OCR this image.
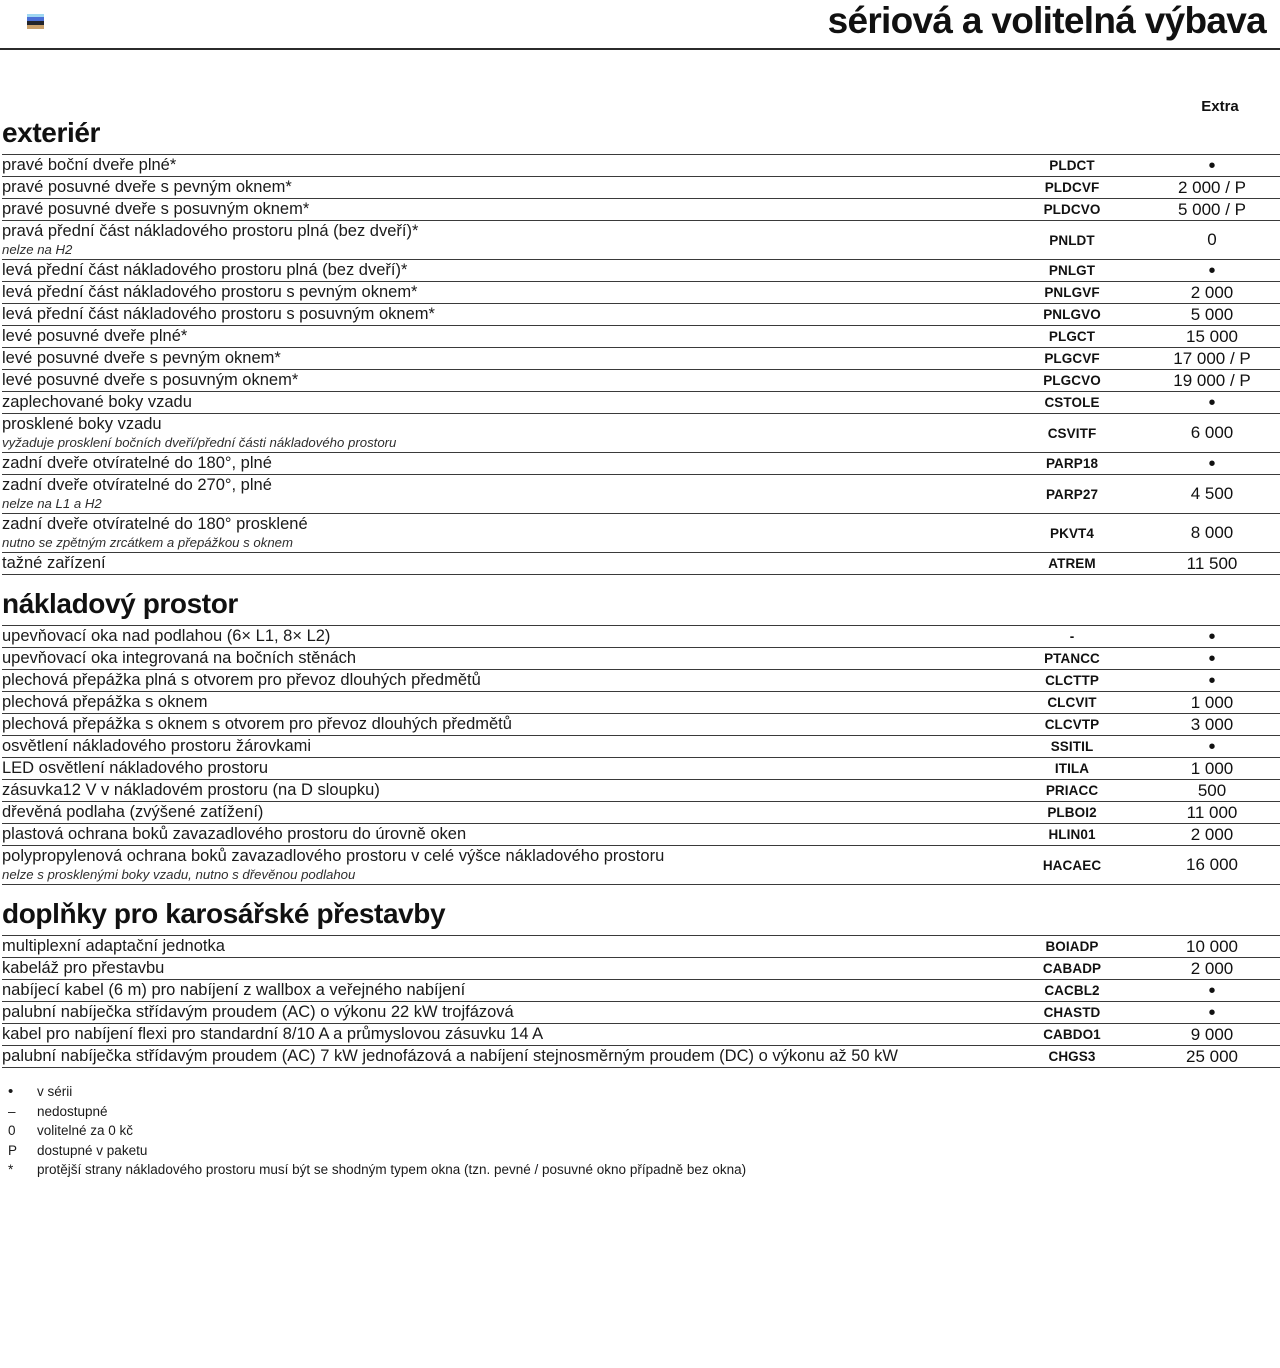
sériová a volitelná výbava
Extra
exteriér
pravé boční dveře plné*	PLDCT	•
pravé posuvné dveře s pevným oknem*	PLDCVF	2 000 / P
pravé posuvné dveře s posuvným oknem*	PLDCVO	5 000 / P
pravá přední část nákladového prostoru plná (bez dveří)*
nelze na H2	PNLDT	0
levá přední část nákladového prostoru plná (bez dveří)*	PNLGT	•
levá přední část nákladového prostoru s pevným oknem*	PNLGVF	2 000
levá přední část nákladového prostoru s posuvným oknem*	PNLGVO	5 000
levé posuvné dveře plné*	PLGCT	15 000
levé posuvné dveře s pevným oknem*	PLGCVF	17 000 / P
levé posuvné dveře s posuvným oknem*	PLGCVO	19 000 / P
zaplechované boky vzadu	CSTOLE	•
prosklené boky vzadu
vyžaduje prosklení bočních dveří/přední části nákladového prostoru	CSVITF	6 000
zadní dveře otvíratelné do 180°, plné	PARP18	•
zadní dveře otvíratelné do 270°, plné
nelze na L1 a H2	PARP27	4 500
zadní dveře otvíratelné do 180° prosklené
nutno se zpětným zrcátkem a přepážkou s oknem	PKVT4	8 000
tažné zařízení	ATREM	11 500
nákladový prostor
upevňovací oka nad podlahou (6× L1, 8× L2)	-	•
upevňovací oka integrovaná na bočních stěnách	PTANCC	•
plechová přepážka plná s otvorem pro převoz dlouhých předmětů	CLCTTP	•
plechová přepážka s oknem	CLCVIT	1 000
plechová přepážka s oknem s otvorem pro převoz dlouhých předmětů	CLCVTP	3 000
osvětlení nákladového prostoru žárovkami	SSITIL	•
LED osvětlení nákladového prostoru	ITILA	1 000
zásuvka12 V v nákladovém prostoru (na D sloupku)	PRIACC	500
dřevěná podlaha (zvýšené zatížení)	PLBOI2	11 000
plastová ochrana boků zavazadlového prostoru do úrovně oken	HLIN01	2 000
polypropylenová ochrana boků zavazadlového prostoru v celé výšce nákladového prostoru
nelze s prosklenými boky vzadu, nutno s dřevěnou podlahou	HACAEC	16 000
doplňky pro karosářské přestavby
multiplexní adaptační jednotka	BOIADP	10 000
kabeláž pro přestavbu	CABADP	2 000
nabíjecí kabel (6 m) pro nabíjení z wallbox a veřejného nabíjení	CACBL2	•
palubní nabíječka střídavým proudem (AC) o výkonu 22 kW trojfázová	CHASTD	•
kabel pro nabíjení flexi pro standardní 8/10 A a průmyslovou zásuvku 14 A	CABDO1	9 000
palubní nabíječka střídavým proudem (AC) 7 kW jednofázová a nabíjení stejnosměrným proudem (DC) o výkonu až 50 kW	CHGS3	25 000
•	v sérii
–	nedostupné
0	volitelné za 0 kč
P	dostupné v paketu
*	protější strany nákladového prostoru musí být se shodným typem okna (tzn. pevné / posuvné okno případně bez okna)
